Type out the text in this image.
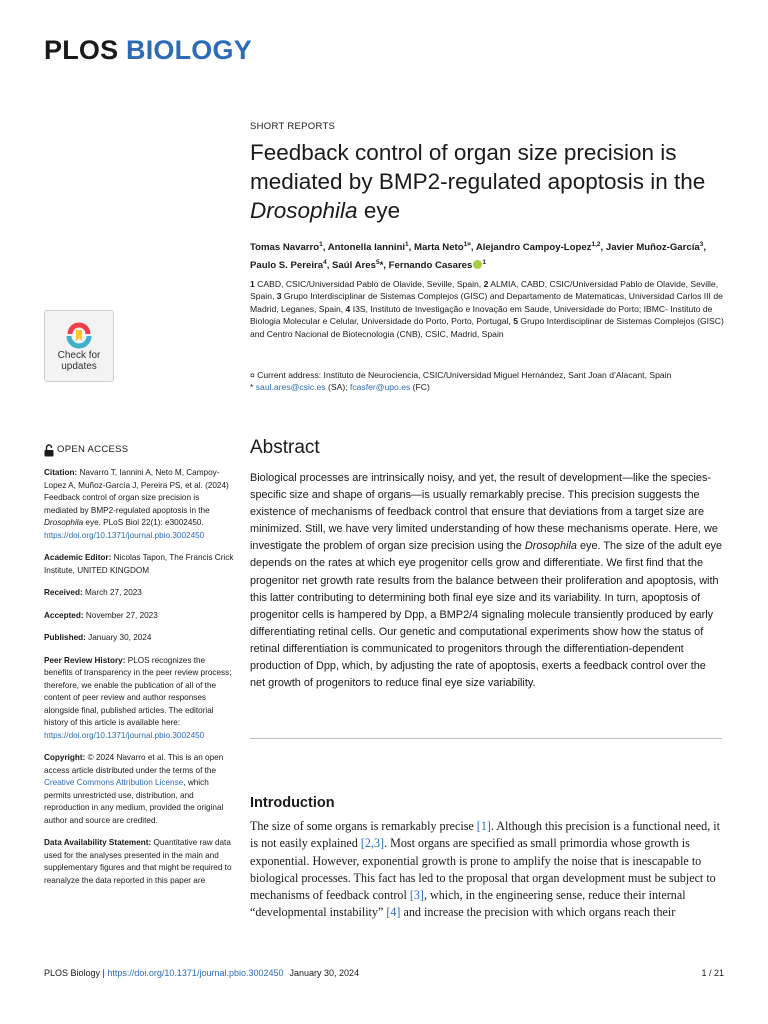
PLOS BIOLOGY
Check for
updates
OPEN ACCESS
Citation: Navarro T, Iannini A, Neto M, Campoy-Lopez A, Muñoz-García J, Pereira PS, et al. (2024) Feedback control of organ size precision is mediated by BMP2-regulated apoptosis in the Drosophila eye. PLoS Biol 22(1): e3002450. https://doi.org/10.1371/journal.pbio.3002450
Academic Editor: Nicolas Tapon, The Francis Crick Institute, UNITED KINGDOM
Received: March 27, 2023
Accepted: November 27, 2023
Published: January 30, 2024
Peer Review History: PLOS recognizes the benefits of transparency in the peer review process; therefore, we enable the publication of all of the content of peer review and author responses alongside final, published articles. The editorial history of this article is available here: https://doi.org/10.1371/journal.pbio.3002450
Copyright: © 2024 Navarro et al. This is an open access article distributed under the terms of the Creative Commons Attribution License, which permits unrestricted use, distribution, and reproduction in any medium, provided the original author and source are credited.
Data Availability Statement: Quantitative raw data used for the analyses presented in the main and supplementary figures and that might be required to reanalyze the data reported in this paper are
SHORT REPORTS
Feedback control of organ size precision is mediated by BMP2-regulated apoptosis in the Drosophila eye
Tomas Navarro$^1$, Antonella Iannini$^1$, Marta Neto$^{1¤}$, Alejandro Campoy-Lopez$^{1,2}$, Javier Muñoz-García$^3$, Paulo S. Pereira$^4$, Saúl Ares$^5$*, Fernando Casares $^1$
1 CABD, CSIC/Universidad Pablo de Olavide, Seville, Spain, 2 ALMIA, CABD, CSIC/Universidad Pablo de Olavide, Seville, Spain, 3 Grupo Interdisciplinar de Sistemas Complejos (GISC) and Departamento de Matematicas, Universidad Carlos III de Madrid, Leganes, Spain, 4 I3S, Instituto de Investigação e Inovação em Saude, Universidade do Porto; IBMC- Instituto de Biologia Molecular e Celular, Universidade do Porto, Porto, Portugal, 5 Grupo Interdisciplinar de Sistemas Complejos (GISC) and Centro Nacional de Biotecnologia (CNB), CSIC, Madrid, Spain
¤ Current address: Instituto de Neurociencia, CSIC/Universidad Miguel Hernández, Sant Joan d’Alacant, Spain
* saul.ares@csic.es (SA); fcasfer@upo.es (FC)
Abstract
Biological processes are intrinsically noisy, and yet, the result of development—like the species-specific size and shape of organs—is usually remarkably precise. This precision suggests the existence of mechanisms of feedback control that ensure that deviations from a target size are minimized. Still, we have very limited understanding of how these mechanisms operate. Here, we investigate the problem of organ size precision using the Drosophila eye. The size of the adult eye depends on the rates at which eye progenitor cells grow and differentiate. We first find that the progenitor net growth rate results from the balance between their proliferation and apoptosis, with this latter contributing to determining both final eye size and its variability. In turn, apoptosis of progenitor cells is hampered by Dpp, a BMP2/4 signaling molecule transiently produced by early differentiating retinal cells. Our genetic and computational experiments show how the status of retinal differentiation is communicated to progenitors through the differentiation-dependent production of Dpp, which, by adjusting the rate of apoptosis, exerts a feedback control over the net growth of progenitors to reduce final eye size variability.
Introduction
The size of some organs is remarkably precise [1]. Although this precision is a functional need, it is not easily explained [2,3]. Most organs are specified as small primordia whose growth is exponential. However, exponential growth is prone to amplify the noise that is inescapable to biological processes. This fact has led to the proposal that organ development must be subject to mechanisms of feedback control [3], which, in the engineering sense, reduce their internal “developmental instability” [4] and increase the precision with which organs reach their
PLOS Biology | https://doi.org/10.1371/journal.pbio.3002450 January 30, 2024	1 / 21
